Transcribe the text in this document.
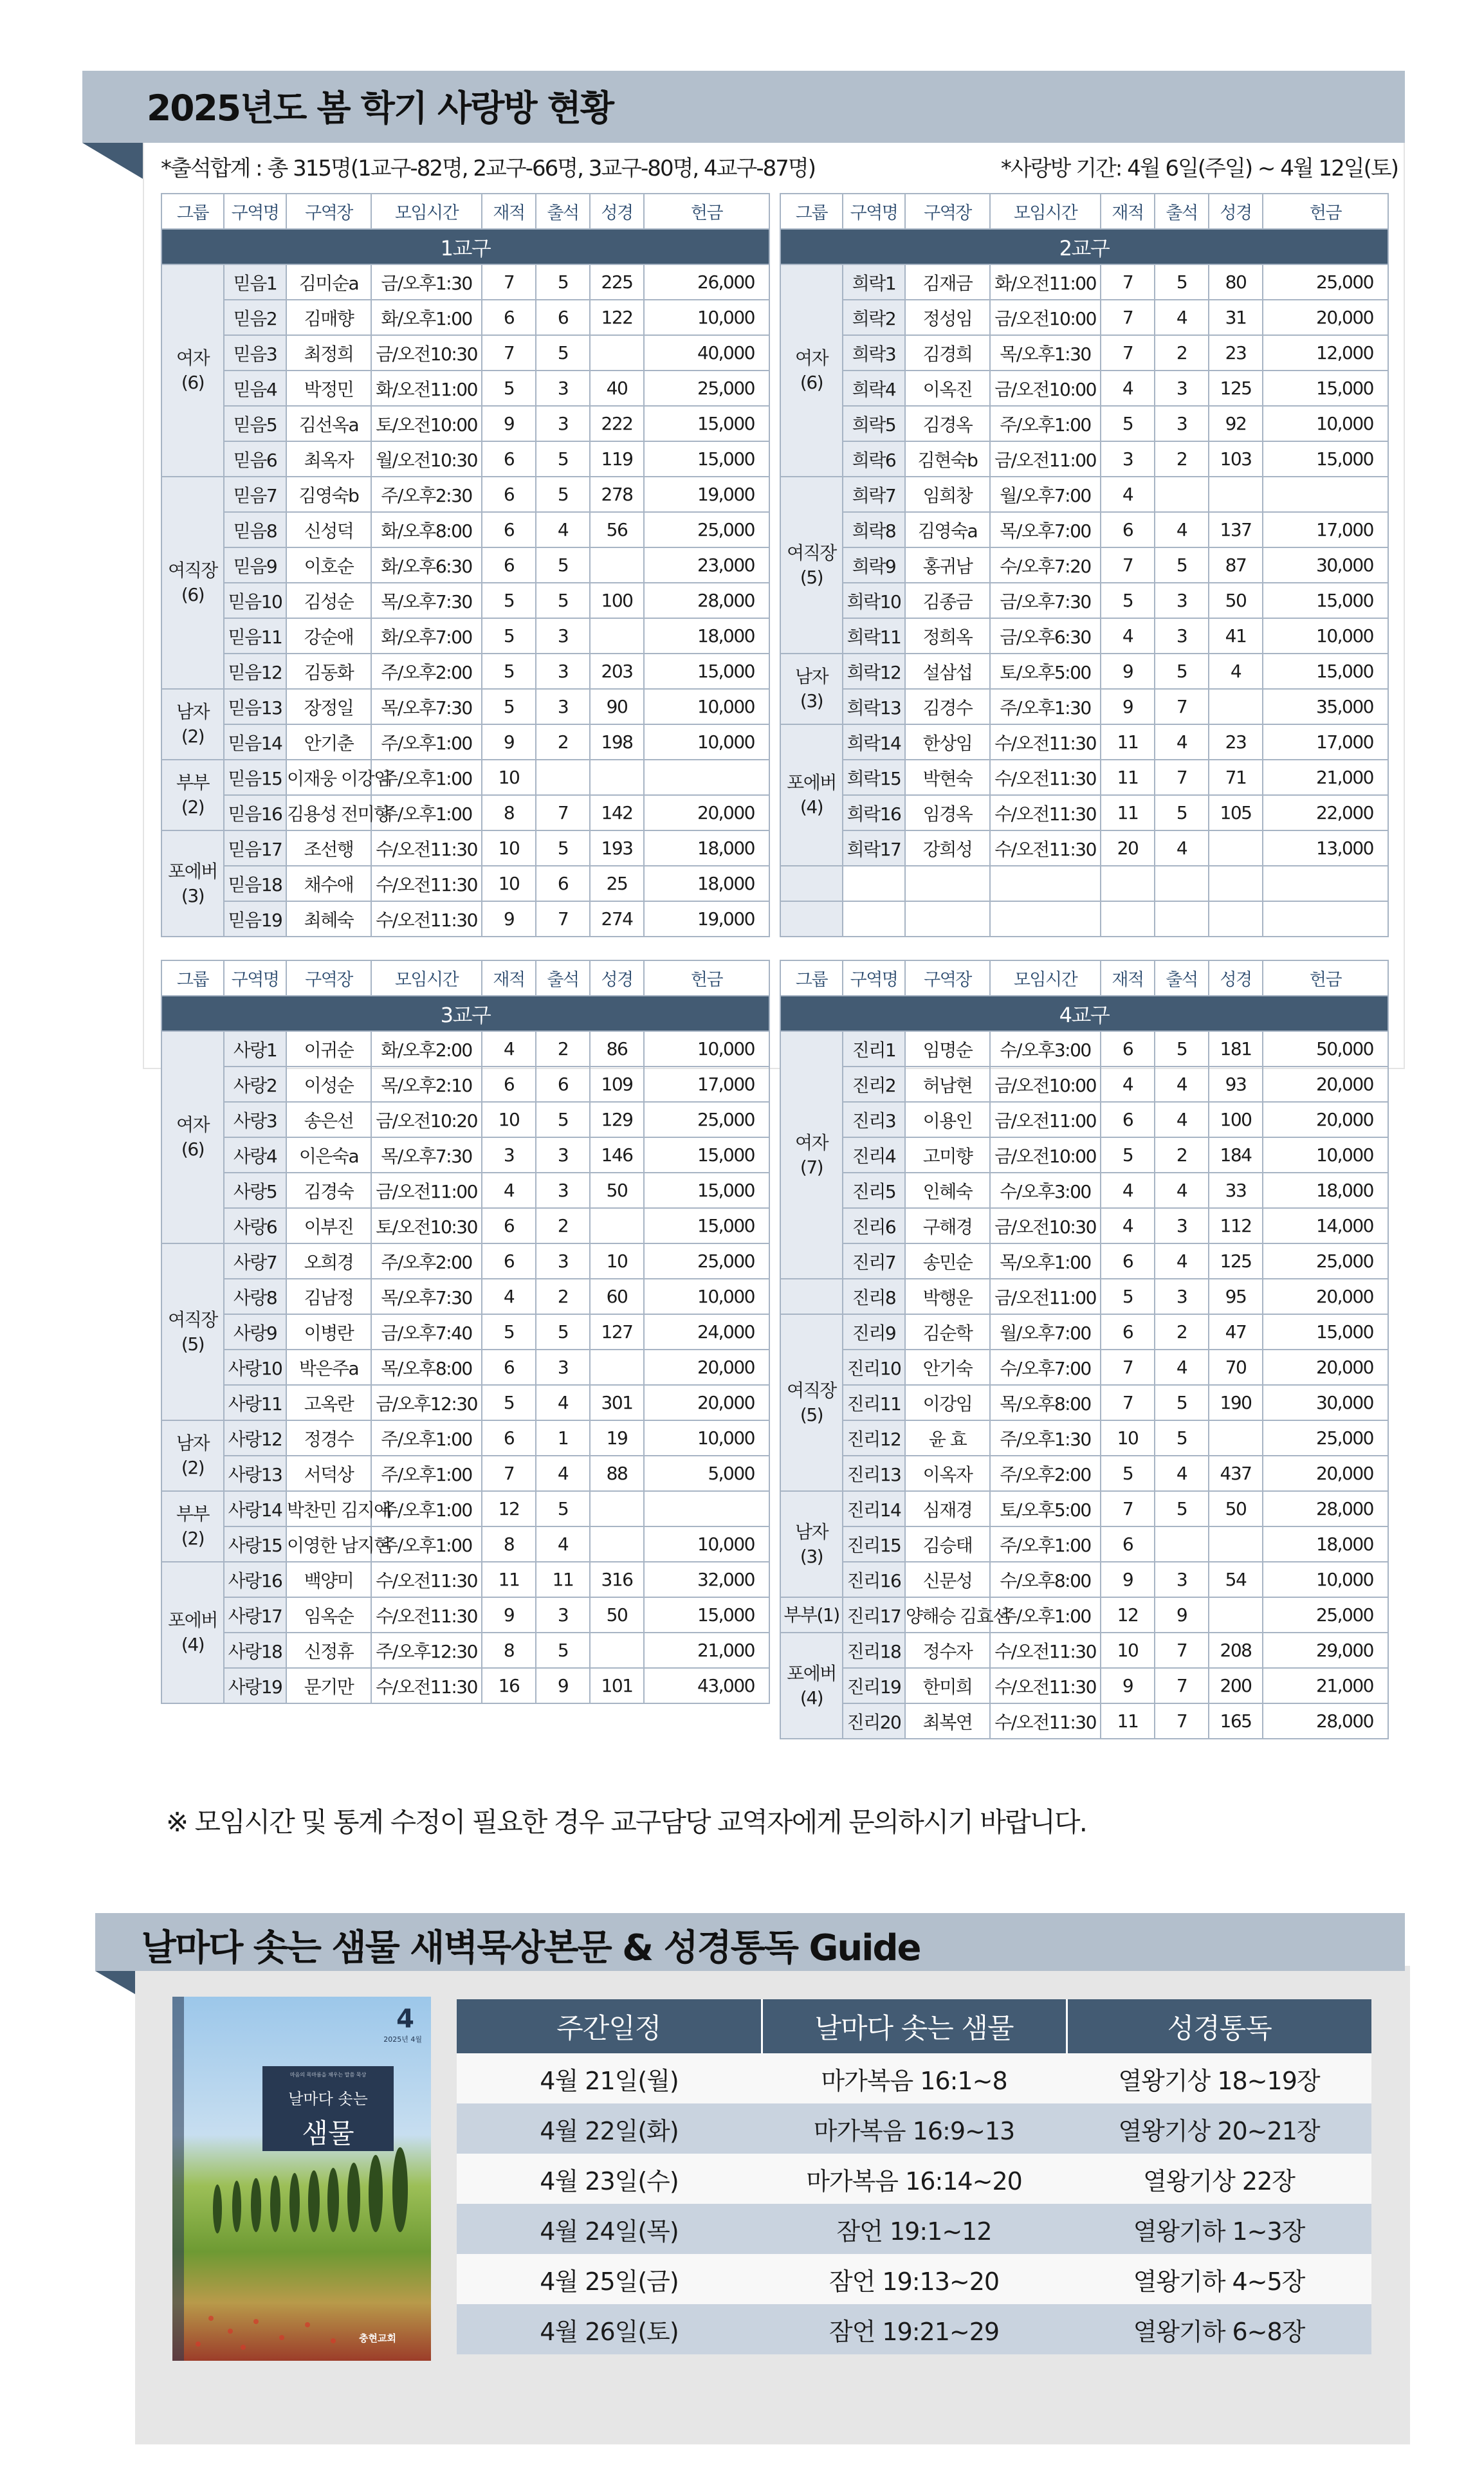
2025년도 봄 학기 사랑방 현황
*출석합계 : 총 315명(1교구-82명, 2교구-66명, 3교구-80명, 4교구-87명)	*사랑방 기간: 4월 6일(주일) ~ 4월 12일(토)
그룹	구역명	구역장	모임시간	재적	출석	성경	헌금
1교구							
여자
(6)	믿음1	김미순a	금/오후1:30	7	5	225	26,000
	믿음2	김매향	화/오후1:00	6	6	122	10,000
	믿음3	최정희	금/오전10:30	7	5		40,000
	믿음4	박정민	화/오전11:00	5	3	40	25,000
	믿음5	김선옥a	토/오전10:00	9	3	222	15,000
	믿음6	최옥자	월/오전10:30	6	5	119	15,000
여직장
(6)	믿음7	김영숙b	주/오후2:30	6	5	278	19,000
	믿음8	신성덕	화/오후8:00	6	4	56	25,000
	믿음9	이호순	화/오후6:30	6	5		23,000
	믿음10	김성순	목/오후7:30	5	5	100	28,000
	믿음11	강순애	화/오후7:00	5	3		18,000
	믿음12	김동화	주/오후2:00	5	3	203	15,000
남자
(2)	믿음13	장정일	목/오후7:30	5	3	90	10,000
	믿음14	안기춘	주/오후1:00	9	2	198	10,000
부부
(2)	믿음15	이재웅 이강임	주/오후1:00	10			
	믿음16	김용성 전미향	주/오후1:00	8	7	142	20,000
포에버
(3)	믿음17	조선행	수/오전11:30	10	5	193	18,000
	믿음18	채수애	수/오전11:30	10	6	25	18,000
	믿음19	최혜숙	수/오전11:30	9	7	274	19,000
그룹	구역명	구역장	모임시간	재적	출석	성경	헌금
2교구							
여자
(6)	희락1	김재금	화/오전11:00	7	5	80	25,000
	희락2	정성임	금/오전10:00	7	4	31	20,000
	희락3	김경희	목/오후1:30	7	2	23	12,000
	희락4	이옥진	금/오전10:00	4	3	125	15,000
	희락5	김경옥	주/오후1:00	5	3	92	10,000
	희락6	김현숙b	금/오전11:00	3	2	103	15,000
여직장
(5)	희락7	임희창	월/오후7:00	4			
	희락8	김영숙a	목/오후7:00	6	4	137	17,000
	희락9	홍귀남	수/오후7:20	7	5	87	30,000
	희락10	김종금	금/오후7:30	5	3	50	15,000
	희락11	정희옥	금/오후6:30	4	3	41	10,000
남자
(3)	희락12	설삼섭	토/오후5:00	9	5	4	15,000
	희락13	김경수	주/오후1:30	9	7		35,000
포에버
(4)	희락14	한상임	수/오전11:30	11	4	23	17,000
	희락15	박현숙	수/오전11:30	11	7	71	21,000
	희락16	임경옥	수/오전11:30	11	5	105	22,000
	희락17	강희성	수/오전11:30	20	4		13,000

그룹	구역명	구역장	모임시간	재적	출석	성경	헌금
3교구							
여자
(6)	사랑1	이귀순	화/오후2:00	4	2	86	10,000
	사랑2	이성순	목/오후2:10	6	6	109	17,000
	사랑3	송은선	금/오전10:20	10	5	129	25,000
	사랑4	이은숙a	목/오후7:30	3	3	146	15,000
	사랑5	김경숙	금/오전11:00	4	3	50	15,000
	사랑6	이부진	토/오전10:30	6	2		15,000
여직장
(5)	사랑7	오희경	주/오후2:00	6	3	10	25,000
	사랑8	김남정	목/오후7:30	4	2	60	10,000
	사랑9	이병란	금/오후7:40	5	5	127	24,000
	사랑10	박은주a	목/오후8:00	6	3		20,000
	사랑11	고옥란	금/오후12:30	5	4	301	20,000
남자
(2)	사랑12	정경수	주/오후1:00	6	1	19	10,000
	사랑13	서덕상	주/오후1:00	7	4	88	5,000
부부
(2)	사랑14	박찬민 김지애	주/오후1:00	12	5		
	사랑15	이영한 남지현	주/오후1:00	8	4		10,000
포에버
(4)	사랑16	백양미	수/오전11:30	11	11	316	32,000
	사랑17	임옥순	수/오전11:30	9	3	50	15,000
	사랑18	신정휴	주/오후12:30	8	5		21,000
	사랑19	문기만	수/오전11:30	16	9	101	43,000
그룹	구역명	구역장	모임시간	재적	출석	성경	헌금
4교구							
여자
(7)	진리1	임명순	수/오후3:00	6	5	181	50,000
	진리2	허남현	금/오전10:00	4	4	93	20,000
	진리3	이용인	금/오전11:00	6	4	100	20,000
	진리4	고미향	금/오전10:00	5	2	184	10,000
	진리5	인혜숙	수/오후3:00	4	4	33	18,000
	진리6	구해경	금/오전10:30	4	3	112	14,000
	진리7	송민순	목/오후1:00	6	4	125	25,000
	진리8	박행운	금/오전11:00	5	3	95	20,000
여직장
(5)	진리9	김순학	월/오후7:00	6	2	47	15,000
	진리10	안기숙	수/오후7:00	7	4	70	20,000
	진리11	이강임	목/오후8:00	7	5	190	30,000
	진리12	윤 효	주/오후1:30	10	5		25,000
	진리13	이옥자	주/오후2:00	5	4	437	20,000
남자
(3)	진리14	심재경	토/오후5:00	7	5	50	28,000
	진리15	김승태	주/오후1:00	6			18,000
	진리16	신문성	수/오후8:00	9	3	54	10,000
부부(1)	진리17	양해승 김효선	주/오후1:00	12	9		25,000
포에버
(4)	진리18	정수자	수/오전11:30	10	7	208	29,000
	진리19	한미희	수/오전11:30	9	7	200	21,000
	진리20	최복연	수/오전11:30	11	7	165	28,000
※ 모임시간 및 통계 수정이 필요한 경우 교구담당 교역자에게 문의하시기 바랍니다.
날마다 솟는 샘물 새벽묵상본문 & 성경통독 Guide
4
2025년 4월
마음의 목마름을 채우는 말씀 묵상
날마다 솟는
샘물
충현교회
주간일정	날마다 솟는 샘물	성경통독
4월 21일(월)	마가복음 16:1~8	열왕기상 18~19장
4월 22일(화)	마가복음 16:9~13	열왕기상 20~21장
4월 23일(수)	마가복음 16:14~20	열왕기상 22장
4월 24일(목)	잠언 19:1~12	열왕기하 1~3장
4월 25일(금)	잠언 19:13~20	열왕기하 4~5장
4월 26일(토)	잠언 19:21~29	열왕기하 6~8장
